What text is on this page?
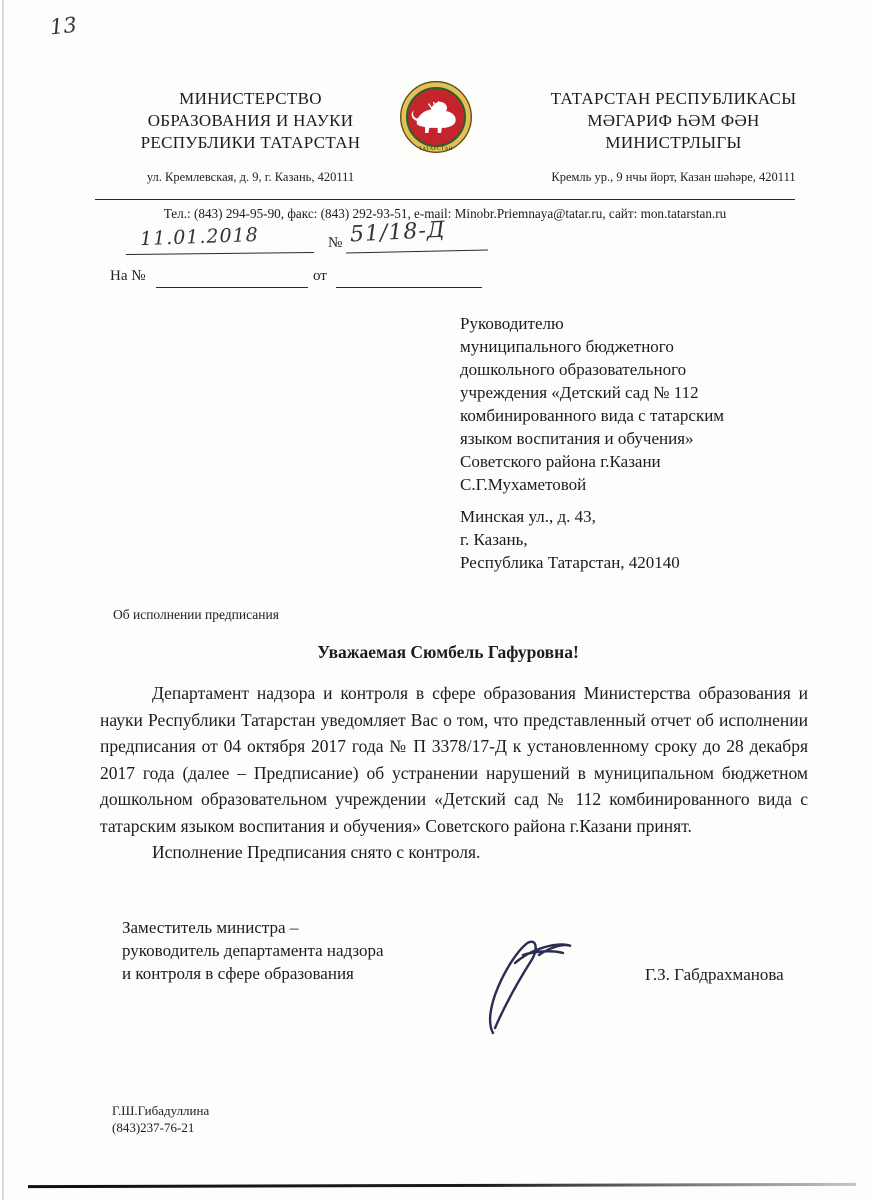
13
МИНИСТЕРСТВО
ОБРАЗОВАНИЯ И НАУКИ
РЕСПУБЛИКИ ТАТАРСТАН
ул. Кремлевская, д. 9, г. Казань, 420111
ТАТАРСТАН
ТАТАРСТАН РЕСПУБЛИКАСЫ
МӘГАРИФ ҺӘМ ФӘН
МИНИСТРЛЫГЫ
Кремль ур., 9 нчы йорт, Казан шәһәре, 420111
Тел.: (843) 294-95-90, факс: (843) 292-93-51, e-mail: Minobr.Priemnaya@tatar.ru, сайт: mon.tatarstan.ru
11.01.2018	№ 51/18-Д
На №	от
Руководителю
муниципального бюджетного
дошкольного образовательного
учреждения «Детский сад № 112
комбинированного вида с татарским
языком воспитания и обучения»
Советского района г.Казани
С.Г.Мухаметовой
Минская ул., д. 43,
г. Казань,
Республика Татарстан, 420140
Об исполнении предписания
Уважаемая Сюмбель Гафуровна!

Департамент надзора и контроля в сфере образования Министерства образования и науки Республики Татарстан уведомляет Вас о том, что представленный отчет об исполнении предписания от 04 октября 2017 года № П 3378/17-Д к установленному сроку до 28 декабря 2017 года (далее – Предписание) об устранении нарушений в муниципальном бюджетном дошкольном образовательном учреждении «Детский сад № 112 комбинированного вида с татарским языком воспитания и обучения» Советского района г.Казани принят.

Исполнение Предписания снято с контроля.

Заместитель министра –
руководитель департамента надзора
и контроля в сфере образования	Г.З. Габдрахманова
Г.Ш.Гибадуллина
(843)237-76-21
